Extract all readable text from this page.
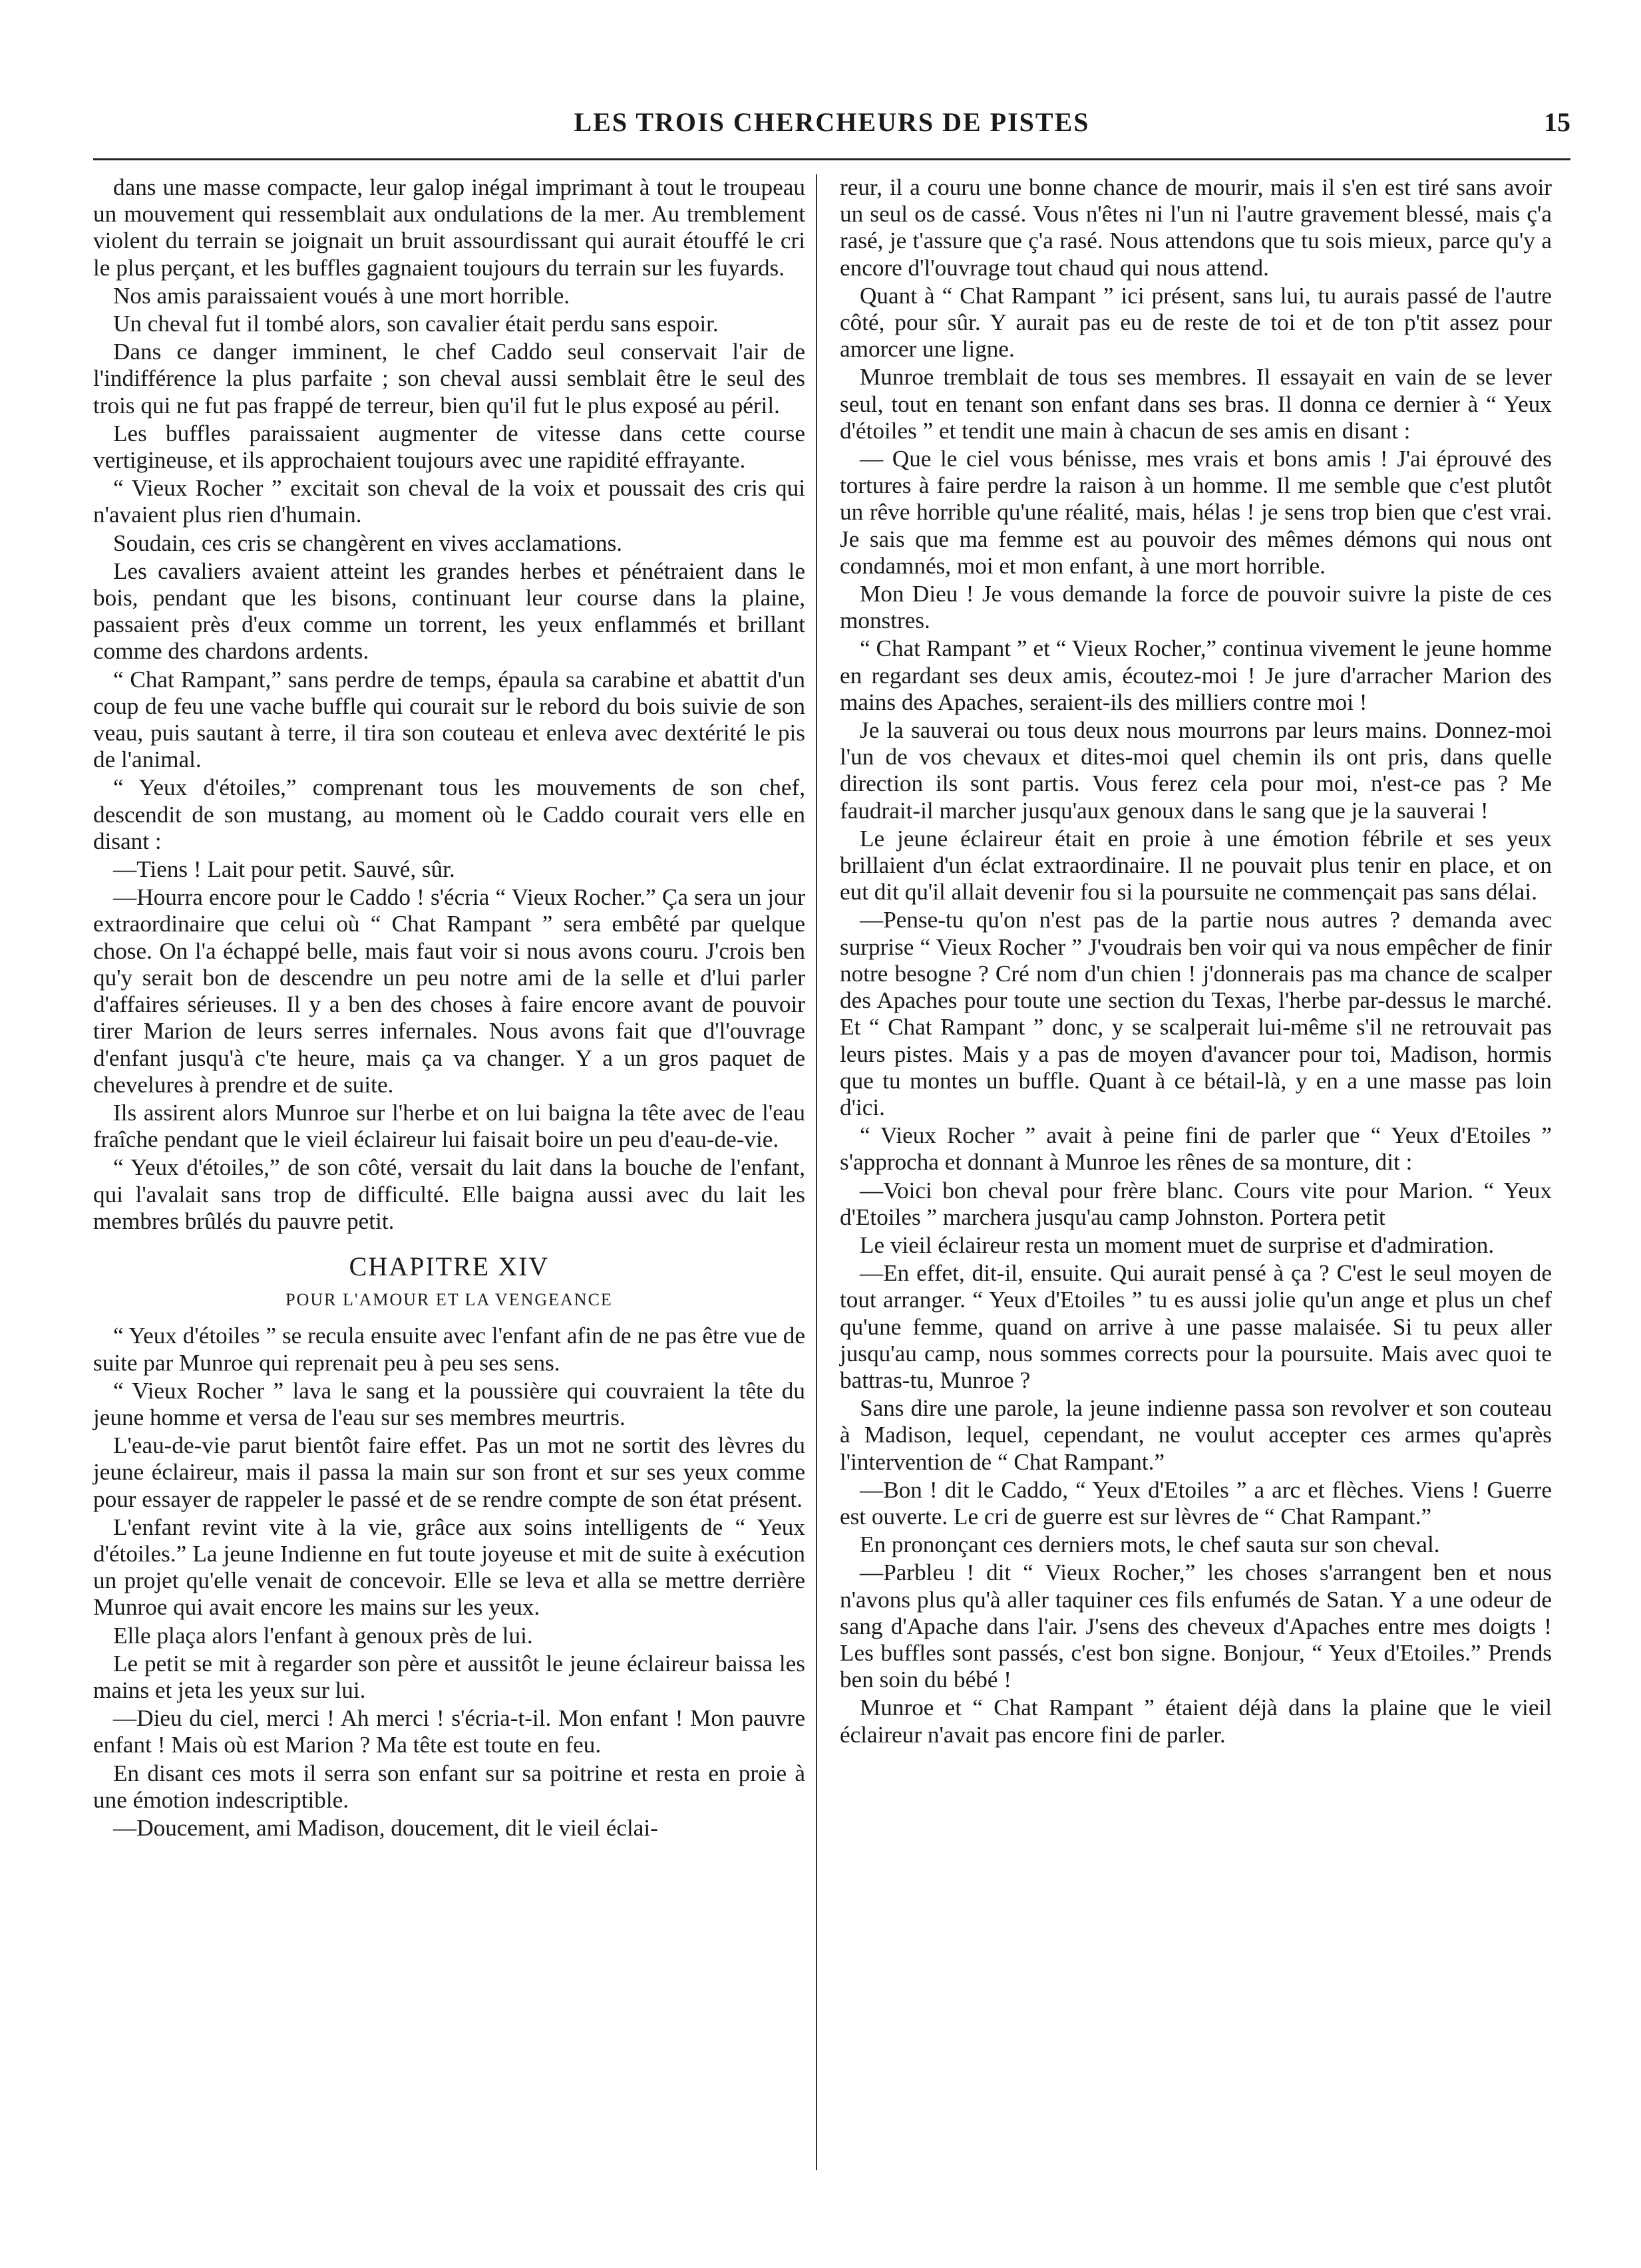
LES TROIS CHERCHEURS DE PISTES	15

dans une masse compacte, leur galop inégal imprimant à tout le troupeau un mouvement qui ressemblait aux ondulations de la mer. Au tremblement violent du terrain se joignait un bruit assourdissant qui aurait étouffé le cri le plus perçant, et les buffles gagnaient toujours du terrain sur les fuyards.

Nos amis paraissaient voués à une mort horrible.

Un cheval fut il tombé alors, son cavalier était perdu sans espoir.

Dans ce danger imminent, le chef Caddo seul conservait l'air de l'indifférence la plus parfaite ; son cheval aussi semblait être le seul des trois qui ne fut pas frappé de terreur, bien qu'il fut le plus exposé au péril.

Les buffles paraissaient augmenter de vitesse dans cette course vertigineuse, et ils approchaient toujours avec une rapidité effrayante.

“ Vieux Rocher ” excitait son cheval de la voix et poussait des cris qui n'avaient plus rien d'humain.

Soudain, ces cris se changèrent en vives acclamations.

Les cavaliers avaient atteint les grandes herbes et pénétraient dans le bois, pendant que les bisons, continuant leur course dans la plaine, passaient près d'eux comme un torrent, les yeux enflammés et brillant comme des chardons ardents.

“ Chat Rampant,” sans perdre de temps, épaula sa carabine et abattit d'un coup de feu une vache buffle qui courait sur le rebord du bois suivie de son veau, puis sautant à terre, il tira son couteau et enleva avec dextérité le pis de l'animal.

“ Yeux d'étoiles,” comprenant tous les mouvements de son chef, descendit de son mustang, au moment où le Caddo courait vers elle en disant :

—Tiens ! Lait pour petit. Sauvé, sûr.

—Hourra encore pour le Caddo ! s'écria “ Vieux Rocher.” Ça sera un jour extraordinaire que celui où “ Chat Rampant ” sera embêté par quelque chose. On l'a échappé belle, mais faut voir si nous avons couru. J'crois ben qu'y serait bon de descendre un peu notre ami de la selle et d'lui parler d'affaires sérieuses. Il y a ben des choses à faire encore avant de pouvoir tirer Marion de leurs serres infernales. Nous avons fait que d'l'ouvrage d'enfant jusqu'à c'te heure, mais ça va changer. Y a un gros paquet de chevelures à prendre et de suite.

Ils assirent alors Munroe sur l'herbe et on lui baigna la tête avec de l'eau fraîche pendant que le vieil éclaireur lui faisait boire un peu d'eau-de-vie.

“ Yeux d'étoiles,” de son côté, versait du lait dans la bouche de l'enfant, qui l'avalait sans trop de difficulté. Elle baigna aussi avec du lait les membres brûlés du pauvre petit.

CHAPITRE XIV
POUR L'AMOUR ET LA VENGEANCE

“ Yeux d'étoiles ” se recula ensuite avec l'enfant afin de ne pas être vue de suite par Munroe qui reprenait peu à peu ses sens.

“ Vieux Rocher ” lava le sang et la poussière qui couvraient la tête du jeune homme et versa de l'eau sur ses membres meurtris.

L'eau-de-vie parut bientôt faire effet. Pas un mot ne sortit des lèvres du jeune éclaireur, mais il passa la main sur son front et sur ses yeux comme pour essayer de rappeler le passé et de se rendre compte de son état présent.

L'enfant revint vite à la vie, grâce aux soins intelligents de “ Yeux d'étoiles.” La jeune Indienne en fut toute joyeuse et mit de suite à exécution un projet qu'elle venait de concevoir. Elle se leva et alla se mettre derrière Munroe qui avait encore les mains sur les yeux.

Elle plaça alors l'enfant à genoux près de lui.

Le petit se mit à regarder son père et aussitôt le jeune éclaireur baissa les mains et jeta les yeux sur lui.

—Dieu du ciel, merci ! Ah merci ! s'écria-t-il. Mon enfant ! Mon pauvre enfant ! Mais où est Marion ? Ma tête est toute en feu.

En disant ces mots il serra son enfant sur sa poitrine et resta en proie à une émotion indescriptible.

—Doucement, ami Madison, doucement, dit le vieil éclai-

reur, il a couru une bonne chance de mourir, mais il s'en est tiré sans avoir un seul os de cassé. Vous n'êtes ni l'un ni l'autre gravement blessé, mais ç'a rasé, je t'assure que ç'a rasé. Nous attendons que tu sois mieux, parce qu'y a encore d'l'ouvrage tout chaud qui nous attend.

Quant à “ Chat Rampant ” ici présent, sans lui, tu aurais passé de l'autre côté, pour sûr. Y aurait pas eu de reste de toi et de ton p'tit assez pour amorcer une ligne.

Munroe tremblait de tous ses membres. Il essayait en vain de se lever seul, tout en tenant son enfant dans ses bras. Il donna ce dernier à “ Yeux d'étoiles ” et tendit une main à chacun de ses amis en disant :

— Que le ciel vous bénisse, mes vrais et bons amis ! J'ai éprouvé des tortures à faire perdre la raison à un homme. Il me semble que c'est plutôt un rêve horrible qu'une réalité, mais, hélas ! je sens trop bien que c'est vrai. Je sais que ma femme est au pouvoir des mêmes démons qui nous ont condamnés, moi et mon enfant, à une mort horrible.

Mon Dieu ! Je vous demande la force de pouvoir suivre la piste de ces monstres.

“ Chat Rampant ” et “ Vieux Rocher,” continua vivement le jeune homme en regardant ses deux amis, écoutez-moi ! Je jure d'arracher Marion des mains des Apaches, seraient-ils des milliers contre moi !

Je la sauverai ou tous deux nous mourrons par leurs mains. Donnez-moi l'un de vos chevaux et dites-moi quel chemin ils ont pris, dans quelle direction ils sont partis. Vous ferez cela pour moi, n'est-ce pas ? Me faudrait-il marcher jusqu'aux genoux dans le sang que je la sauverai !

Le jeune éclaireur était en proie à une émotion fébrile et ses yeux brillaient d'un éclat extraordinaire. Il ne pouvait plus tenir en place, et on eut dit qu'il allait devenir fou si la poursuite ne commençait pas sans délai.

—Pense-tu qu'on n'est pas de la partie nous autres ? demanda avec surprise “ Vieux Rocher ” J'voudrais ben voir qui va nous empêcher de finir notre besogne ? Cré nom d'un chien ! j'donnerais pas ma chance de scalper des Apaches pour toute une section du Texas, l'herbe par-dessus le marché. Et “ Chat Rampant ” donc, y se scalperait lui-même s'il ne retrouvait pas leurs pistes. Mais y a pas de moyen d'avancer pour toi, Madison, hormis que tu montes un buffle. Quant à ce bétail-là, y en a une masse pas loin d'ici.

“ Vieux Rocher ” avait à peine fini de parler que “ Yeux d'Etoiles ” s'approcha et donnant à Munroe les rênes de sa monture, dit :

—Voici bon cheval pour frère blanc. Cours vite pour Marion. “ Yeux d'Etoiles ” marchera jusqu'au camp Johnston. Portera petit

Le vieil éclaireur resta un moment muet de surprise et d'admiration.

—En effet, dit-il, ensuite. Qui aurait pensé à ça ? C'est le seul moyen de tout arranger. “ Yeux d'Etoiles ” tu es aussi jolie qu'un ange et plus un chef qu'une femme, quand on arrive à une passe malaisée. Si tu peux aller jusqu'au camp, nous sommes corrects pour la poursuite. Mais avec quoi te battras-tu, Munroe ?

Sans dire une parole, la jeune indienne passa son revolver et son couteau à Madison, lequel, cependant, ne voulut accepter ces armes qu'après l'intervention de “ Chat Rampant.”

—Bon ! dit le Caddo, “ Yeux d'Etoiles ” a arc et flèches. Viens ! Guerre est ouverte. Le cri de guerre est sur lèvres de “ Chat Rampant.”

En prononçant ces derniers mots, le chef sauta sur son cheval.

—Parbleu ! dit “ Vieux Rocher,” les choses s'arrangent ben et nous n'avons plus qu'à aller taquiner ces fils enfumés de Satan. Y a une odeur de sang d'Apache dans l'air. J'sens des cheveux d'Apaches entre mes doigts ! Les buffles sont passés, c'est bon signe. Bonjour, “ Yeux d'Etoiles.” Prends ben soin du bébé !

Munroe et “ Chat Rampant ” étaient déjà dans la plaine que le vieil éclaireur n'avait pas encore fini de parler.
